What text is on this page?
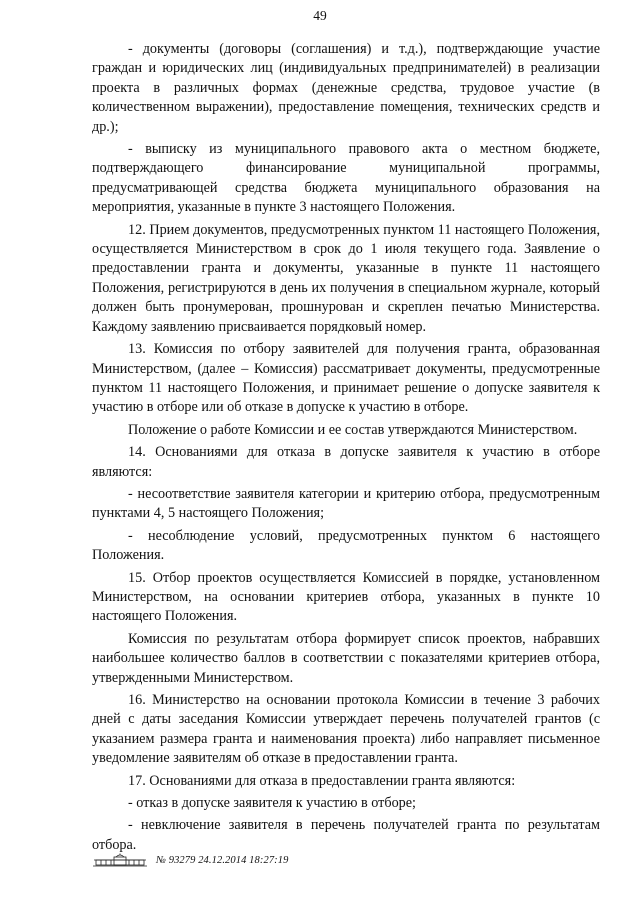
49

- документы (договоры (соглашения) и т.д.), подтверждающие участие граждан и юридических лиц (индивидуальных предпринимателей) в реализации проекта в различных формах (денежные средства, трудовое участие (в количественном выражении), предоставление помещения, технических средств и др.);

- выписку из муниципального правового акта о местном бюджете, подтверждающего финансирование муниципальной программы, предусматривающей средства бюджета муниципального образования на мероприятия, указанные в пункте 3 настоящего Положения.

12. Прием документов, предусмотренных пунктом 11 настоящего Положения, осуществляется Министерством в срок до 1 июля текущего года. Заявление о предоставлении гранта и документы, указанные в пункте 11 настоящего Положения, регистрируются в день их получения в специальном журнале, который должен быть пронумерован, прошнурован и скреплен печатью Министерства. Каждому заявлению присваивается порядковый номер.

13. Комиссия по отбору заявителей для получения гранта, образованная Министерством, (далее – Комиссия) рассматривает документы, предусмотренные пунктом 11 настоящего Положения, и принимает решение о допуске заявителя к участию в отборе или об отказе в допуске к участию в отборе.

Положение о работе Комиссии и ее состав утверждаются Министерством.

14. Основаниями для отказа в допуске заявителя к участию в отборе являются:

- несоответствие заявителя категории и критерию отбора, предусмотренным пунктами 4, 5 настоящего Положения;

- несоблюдение условий, предусмотренных пунктом 6 настоящего Положения.

15. Отбор проектов осуществляется Комиссией в порядке, установленном Министерством, на основании критериев отбора, указанных в пункте 10 настоящего Положения.

Комиссия по результатам отбора формирует список проектов, набравших наибольшее количество баллов в соответствии с показателями критериев отбора, утвержденными Министерством.

16. Министерство на основании протокола Комиссии в течение 3 рабочих дней с даты заседания Комиссии утверждает перечень получателей грантов (с указанием размера гранта и наименования проекта) либо направляет письменное уведомление заявителям об отказе в предоставлении гранта.

17. Основаниями для отказа в предоставлении гранта являются:

- отказ в допуске заявителя к участию в отборе;

- невключение заявителя в перечень получателей гранта по результатам отбора.

№ 93279 24.12.2014 18:27:19
